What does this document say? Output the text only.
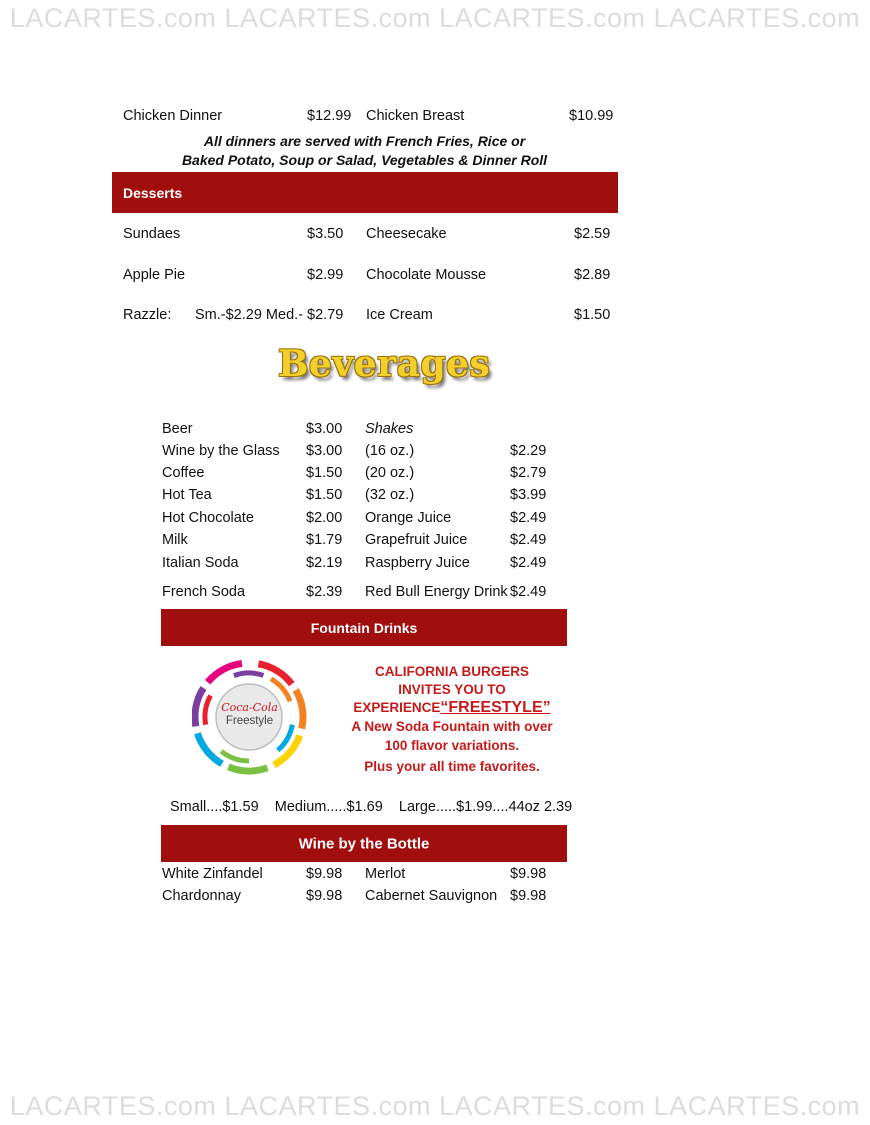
LACARTES.com LACARTES.com LACARTES.com LACARTES.com
LACARTES.com LACARTES.com LACARTES.com LACARTES.com
Chicken Dinner	$12.99 Chicken Breast	$10.99
All dinners are served with French Fries, Rice or
Baked Potato, Soup or Salad, Vegetables & Dinner Roll
Desserts
Sundaes	$3.50 Cheesecake	$2.59
Apple Pie	$2.99 Chocolate Mousse	$2.89
Razzle: Sm.-$2.29 Med.- $2.79 Ice Cream	$1.50
Beverages
Beer	$3.00 Shakes
Wine by the Glass $3.00 (16 oz.)	$2.29
Coffee	$1.50 (20 oz.)	$2.79
Hot Tea	$1.50 (32 oz.)	$3.99
Hot Chocolate	$2.00 Orange Juice	$2.49
Milk	$1.79 Grapefruit Juice	$2.49
Italian Soda	$2.19 Raspberry Juice	$2.49
French Soda	$2.39 Red Bull Energy Drink $2.49
Fountain Drinks
Coca-Cola
Freestyle
CALIFORNIA BURGERS
INVITES YOU TO
EXPERIENCE“FREESTYLE”
A New Soda Fountain with over
100 flavor variations.
Plus your all time favorites.
Small....$1.59    Medium.....$1.69    Large.....$1.99....44oz 2.39
Wine by the Bottle
White Zinfandel	$9.98 Merlot	$9.98
Chardonnay	$9.98 Cabernet Sauvignon $9.98
